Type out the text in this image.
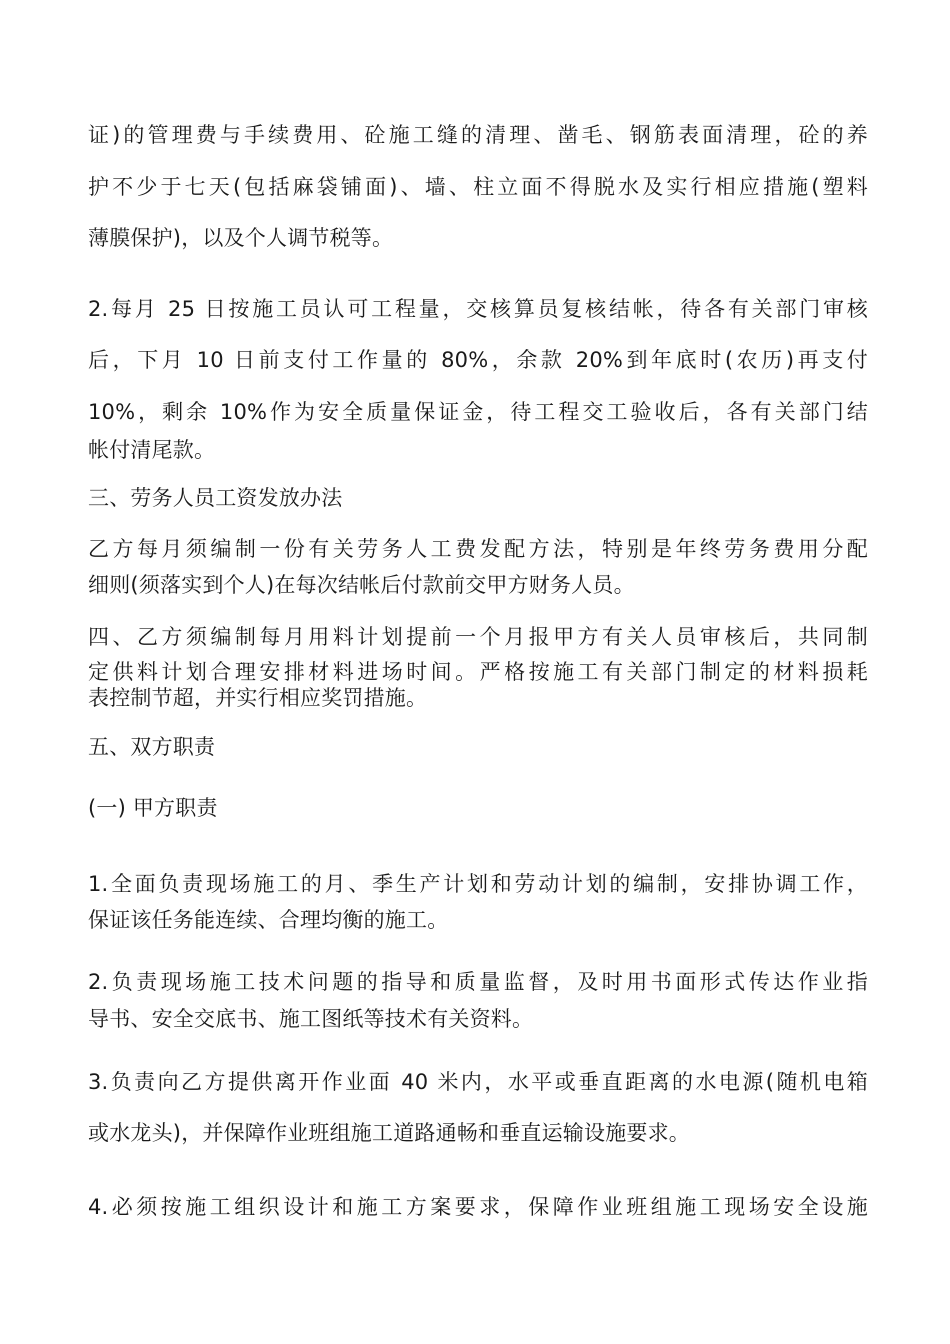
证)的管理费与手续费用、砼施工缝的清理、凿毛、钢筋表面清理，砼的养
护不少于七天(包括麻袋铺面)、墙、柱立面不得脱水及实行相应措施(塑料
薄膜保护)，以及个人调节税等。
2.每月 25 日按施工员认可工程量，交核算员复核结帐，待各有关部门审核
后，下月 10 日前支付工作量的 80%，余款 20%到年底时(农历)再支付
10%，剩余 10%作为安全质量保证金，待工程交工验收后，各有关部门结
帐付清尾款。
三、劳务人员工资发放办法
乙方每月须编制一份有关劳务人工费发配方法，特别是年终劳务费用分配
细则(须落实到个人)在每次结帐后付款前交甲方财务人员。
四、乙方须编制每月用料计划提前一个月报甲方有关人员审核后，共同制
定供料计划合理安排材料进场时间。严格按施工有关部门制定的材料损耗
表控制节超，并实行相应奖罚措施。
五、双方职责
(一) 甲方职责
1.全面负责现场施工的月、季生产计划和劳动计划的编制，安排协调工作，
保证该任务能连续、合理均衡的施工。
2.负责现场施工技术问题的指导和质量监督，及时用书面形式传达作业指
导书、安全交底书、施工图纸等技术有关资料。
3.负责向乙方提供离开作业面 40 米内，水平或垂直距离的水电源(随机电箱
或水龙头)，并保障作业班组施工道路通畅和垂直运输设施要求。
4.必须按施工组织设计和施工方案要求，保障作业班组施工现场安全设施
